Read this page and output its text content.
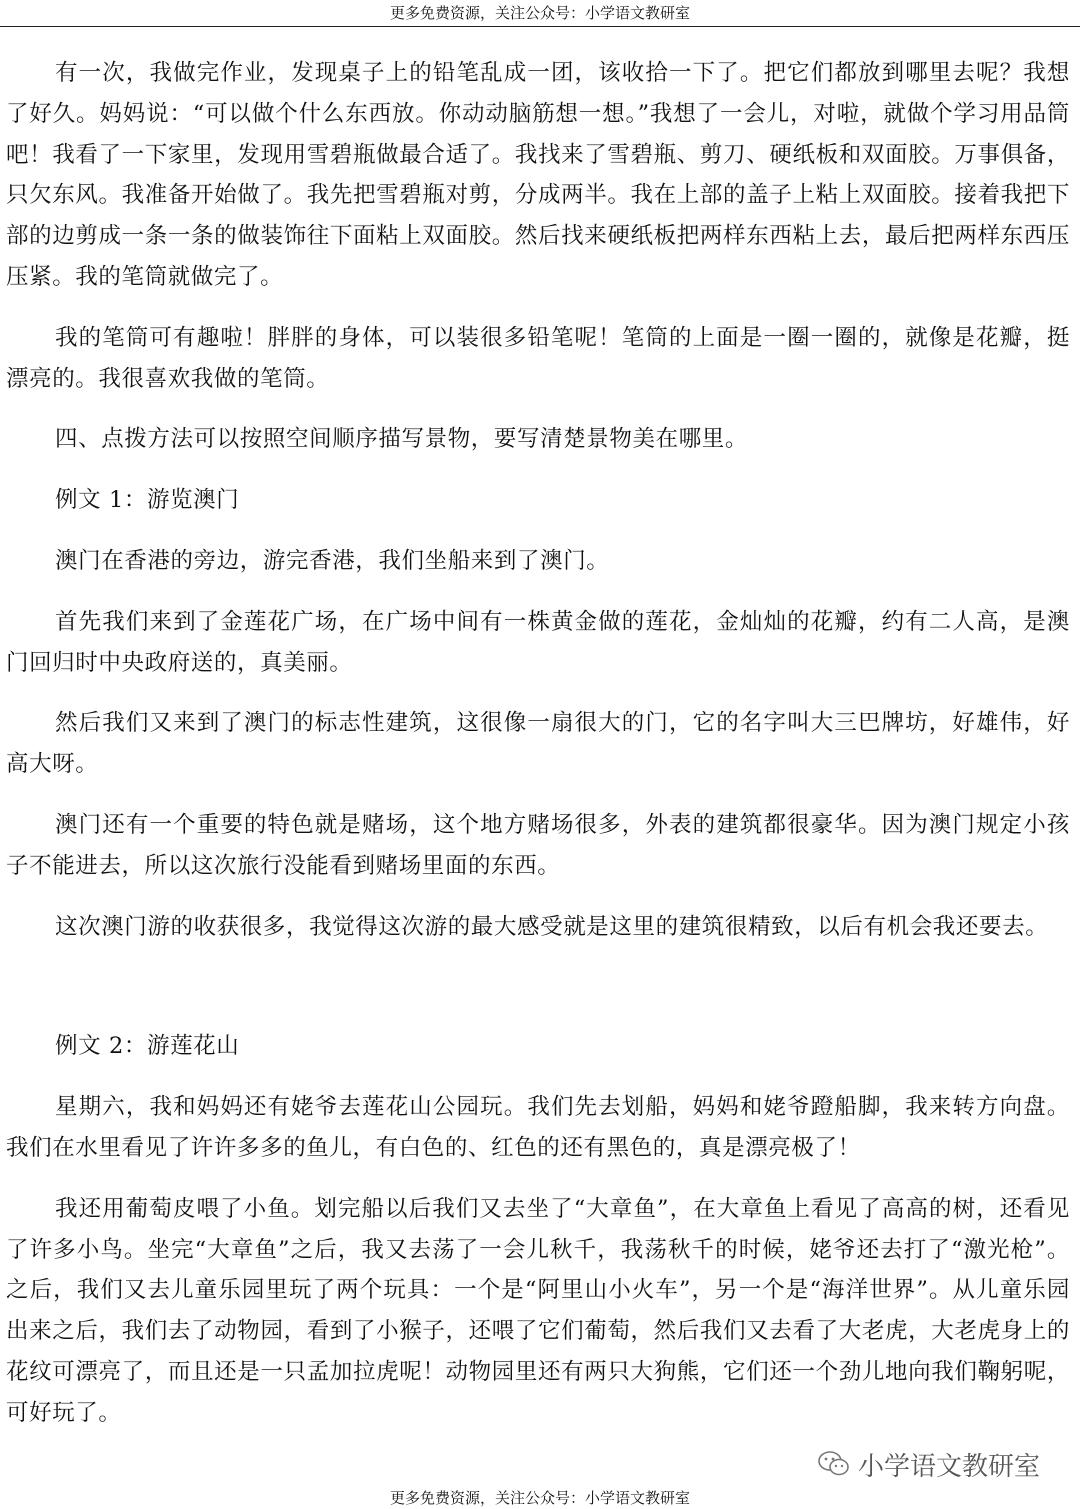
更多免费资源，关注公众号：小学语文教研室

有一次，我做完作业，发现桌子上的铅笔乱成一团，该收拾一下了。把它们都放到哪里去呢？我想了好久。妈妈说：“可以做个什么东西放。你动动脑筋想一想。”我想了一会儿，对啦，就做个学习用品筒吧！我看了一下家里，发现用雪碧瓶做最合适了。我找来了雪碧瓶、剪刀、硬纸板和双面胶。万事俱备，只欠东风。我准备开始做了。我先把雪碧瓶对剪，分成两半。我在上部的盖子上粘上双面胶。接着我把下部的边剪成一条一条的做装饰往下面粘上双面胶。然后找来硬纸板把两样东西粘上去，最后把两样东西压压紧。我的笔筒就做完了。

我的笔筒可有趣啦！胖胖的身体，可以装很多铅笔呢！笔筒的上面是一圈一圈的，就像是花瓣，挺漂亮的。我很喜欢我做的笔筒。

四、点拨方法可以按照空间顺序描写景物，要写清楚景物美在哪里。

例文 1：游览澳门

澳门在香港的旁边，游完香港，我们坐船来到了澳门。

首先我们来到了金莲花广场，在广场中间有一株黄金做的莲花，金灿灿的花瓣，约有二人高，是澳门回归时中央政府送的，真美丽。

然后我们又来到了澳门的标志性建筑，这很像一扇很大的门，它的名字叫大三巴牌坊，好雄伟，好高大呀。

澳门还有一个重要的特色就是赌场，这个地方赌场很多，外表的建筑都很豪华。因为澳门规定小孩子不能进去，所以这次旅行没能看到赌场里面的东西。

这次澳门游的收获很多，我觉得这次游的最大感受就是这里的建筑很精致，以后有机会我还要去。

例文 2：游莲花山

星期六，我和妈妈还有姥爷去莲花山公园玩。我们先去划船，妈妈和姥爷蹬船脚，我来转方向盘。我们在水里看见了许许多多的鱼儿，有白色的、红色的还有黑色的，真是漂亮极了！

我还用葡萄皮喂了小鱼。划完船以后我们又去坐了“大章鱼”，在大章鱼上看见了高高的树，还看见了许多小鸟。坐完“大章鱼”之后，我又去荡了一会儿秋千，我荡秋千的时候，姥爷还去打了“激光枪”。之后，我们又去儿童乐园里玩了两个玩具：一个是“阿里山小火车”，另一个是“海洋世界”。从儿童乐园出来之后，我们去了动物园，看到了小猴子，还喂了它们葡萄，然后我们又去看了大老虎，大老虎身上的花纹可漂亮了，而且还是一只孟加拉虎呢！动物园里还有两只大狗熊，它们还一个劲儿地向我们鞠躬呢，可好玩了。

小学语文教研室
更多免费资源，关注公众号：小学语文教研室
